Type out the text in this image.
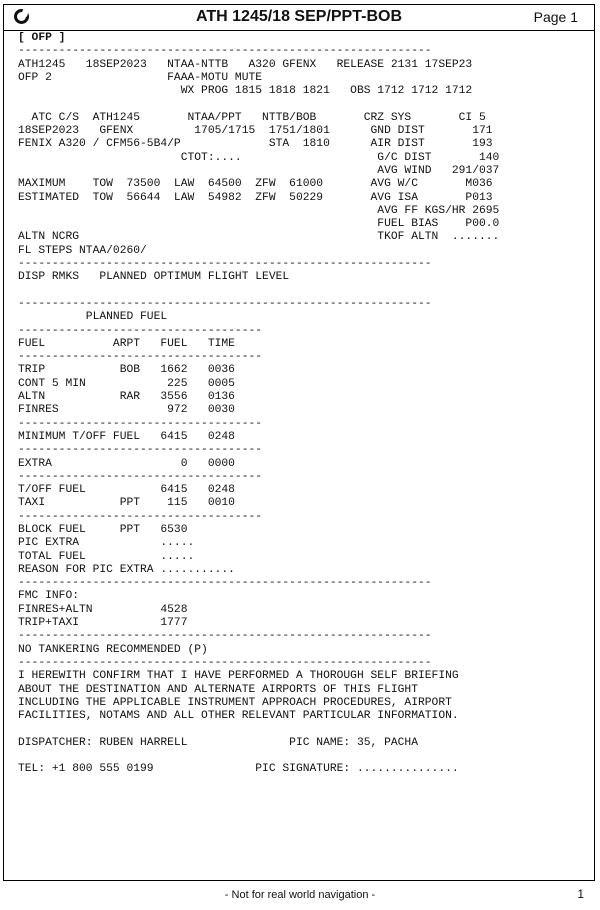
ATH 1245/18 SEP/PPT-BOB	Page 1
[ OFP ]
-------------------------------------------------------------
ATH1245   18SEP2023   NTAA-NTTB   A320 GFENX   RELEASE 2131 17SEP23
OFP 2                 FAAA-MOTU MUTE
WX PROG 1815 1818 1821   OBS 1712 1712 1712

ATC C/S  ATH1245       NTAA/PPT   NTTB/BOB       CRZ SYS       CI 5
18SEP2023   GFENX         1705/1715  1751/1801      GND DIST       171
FENIX A320 / CFM56-5B4/P             STA  1810      AIR DIST       193
CTOT:....                    G/C DIST       140
AVG WIND   291/037
MAXIMUM    TOW  73500  LAW  64500  ZFW  61000       AVG W/C       M036
ESTIMATED  TOW  56644  LAW  54982  ZFW  50229       AVG ISA       P013
AVG FF KGS/HR 2695
FUEL BIAS    P00.0
ALTN NCRG                                            TKOF ALTN  .......
FL STEPS NTAA/0260/
-------------------------------------------------------------
DISP RMKS   PLANNED OPTIMUM FLIGHT LEVEL

-------------------------------------------------------------
PLANNED FUEL
------------------------------------
FUEL          ARPT   FUEL   TIME
------------------------------------
TRIP           BOB   1662   0036
CONT 5 MIN            225   0005
ALTN           RAR   3556   0136
FINRES                972   0030
------------------------------------
MINIMUM T/OFF FUEL   6415   0248
------------------------------------
EXTRA                   0   0000
------------------------------------
T/OFF FUEL           6415   0248
TAXI           PPT    115   0010
------------------------------------
BLOCK FUEL     PPT   6530
PIC EXTRA            .....
TOTAL FUEL           .....
REASON FOR PIC EXTRA ...........
-------------------------------------------------------------
FMC INFO:
FINRES+ALTN          4528
TRIP+TAXI            1777
-------------------------------------------------------------
NO TANKERING RECOMMENDED (P)
-------------------------------------------------------------
I HEREWITH CONFIRM THAT I HAVE PERFORMED A THOROUGH SELF BRIEFING
ABOUT THE DESTINATION AND ALTERNATE AIRPORTS OF THIS FLIGHT
INCLUDING THE APPLICABLE INSTRUMENT APPROACH PROCEDURES, AIRPORT
FACILITIES, NOTAMS AND ALL OTHER RELEVANT PARTICULAR INFORMATION.

DISPATCHER: RUBEN HARRELL               PIC NAME: 35, PACHA

TEL: +1 800 555 0199               PIC SIGNATURE: ...............
- Not for real world navigation -	1
